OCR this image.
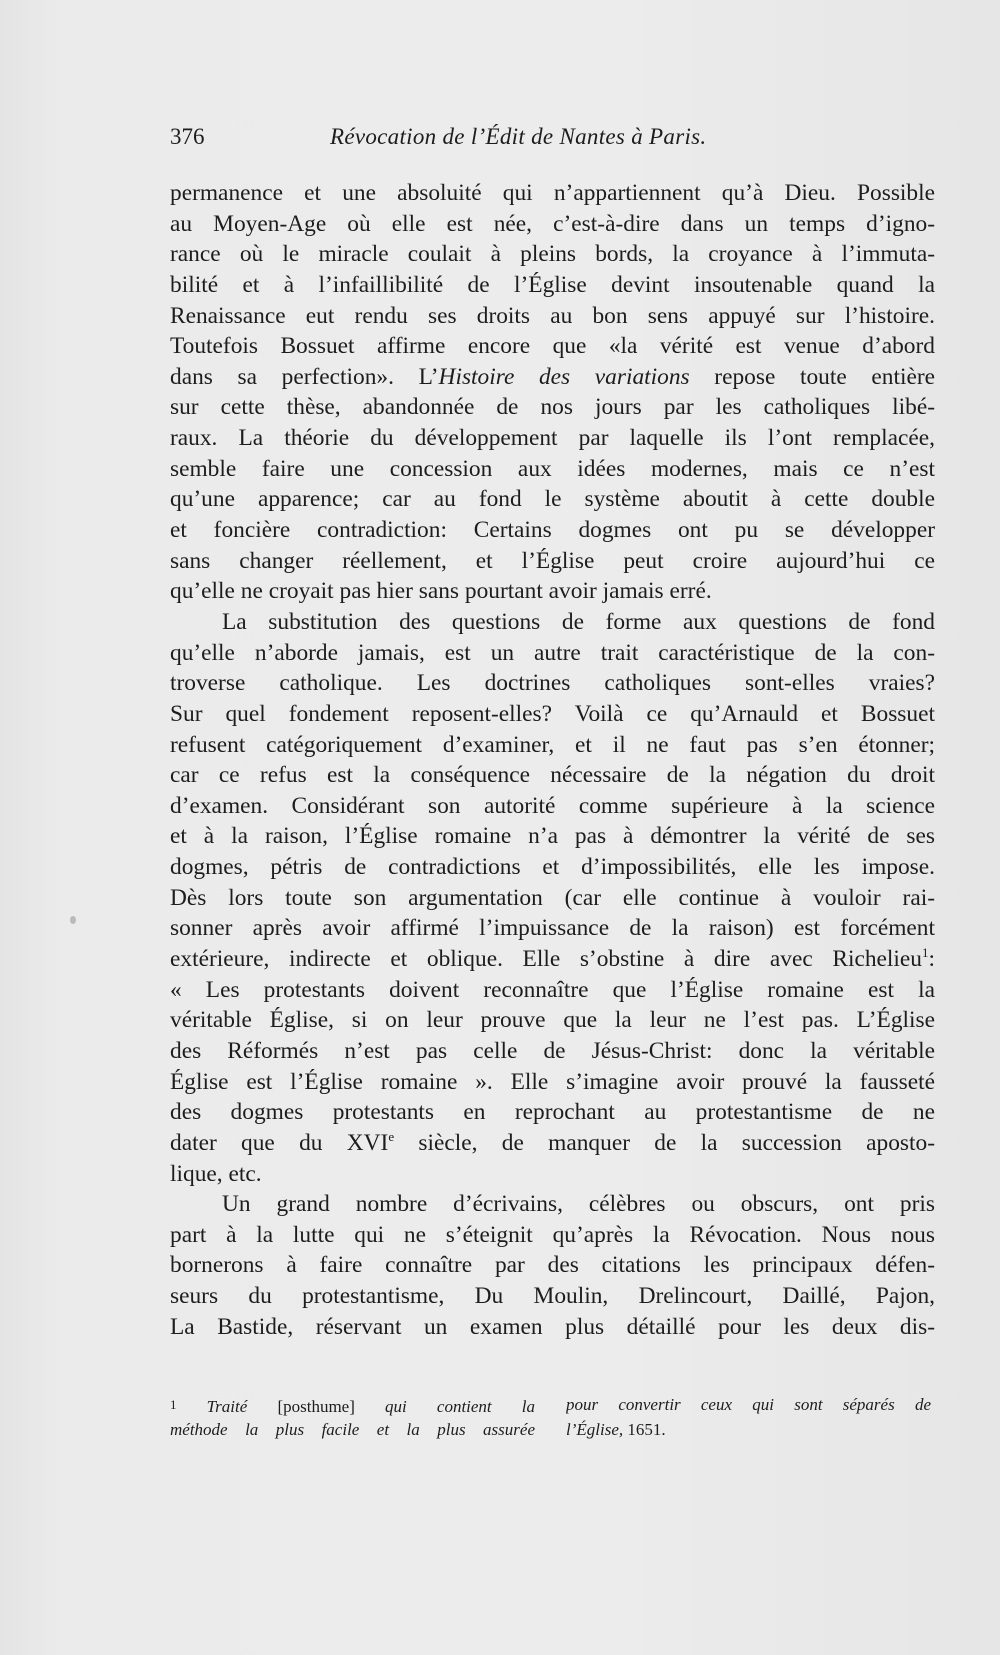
376	Révocation de l’Édit de Nantes à Paris.
permanence et une absoluité qui n’appartiennent qu’à Dieu. Possible
au Moyen-Age où elle est née, c’est-à-dire dans un temps d’igno-
rance où le miracle coulait à pleins bords, la croyance à l’immuta-
bilité et à l’infaillibilité de l’Église devint insoutenable quand la
Renaissance eut rendu ses droits au bon sens appuyé sur l’histoire.
Toutefois Bossuet affirme encore que «la vérité est venue d’abord
dans sa perfection». L’Histoire des variations repose toute entière
sur cette thèse, abandonnée de nos jours par les catholiques libé-
raux. La théorie du développement par laquelle ils l’ont remplacée,
semble faire une concession aux idées modernes, mais ce n’est
qu’une apparence; car au fond le système aboutit à cette double
et foncière contradiction: Certains dogmes ont pu se développer
sans changer réellement, et l’Église peut croire aujourd’hui ce
qu’elle ne croyait pas hier sans pourtant avoir jamais erré.
La substitution des questions de forme aux questions de fond
qu’elle n’aborde jamais, est un autre trait caractéristique de la con-
troverse catholique. Les doctrines catholiques sont-elles vraies?
Sur quel fondement reposent-elles? Voilà ce qu’Arnauld et Bossuet
refusent catégoriquement d’examiner, et il ne faut pas s’en étonner;
car ce refus est la conséquence nécessaire de la négation du droit
d’examen. Considérant son autorité comme supérieure à la science
et à la raison, l’Église romaine n’a pas à démontrer la vérité de ses
dogmes, pétris de contradictions et d’impossibilités, elle les impose.
Dès lors toute son argumentation (car elle continue à vouloir rai-
sonner après avoir affirmé l’impuissance de la raison) est forcément
extérieure, indirecte et oblique. Elle s’obstine à dire avec Richelieu$^1$:
« Les protestants doivent reconnaître que l’Église romaine est la
véritable Église, si on leur prouve que la leur ne l’est pas. L’Église
des Réformés n’est pas celle de Jésus-Christ: donc la véritable
Église est l’Église romaine ». Elle s’imagine avoir prouvé la fausseté
des dogmes protestants en reprochant au protestantisme de ne
dater que du XVIe siècle, de manquer de la succession aposto-
lique, etc.
Un grand nombre d’écrivains, célèbres ou obscurs, ont pris
part à la lutte qui ne s’éteignit qu’après la Révocation. Nous nous
bornerons à faire connaître par des citations les principaux défen-
seurs du protestantisme, Du Moulin, Drelincourt, Daillé, Pajon,
La Bastide, réservant un examen plus détaillé pour les deux dis-
1 Traité [posthume] qui contient la
méthode la plus facile et la plus assurée
pour convertir ceux qui sont séparés de
l’Église, 1651.
